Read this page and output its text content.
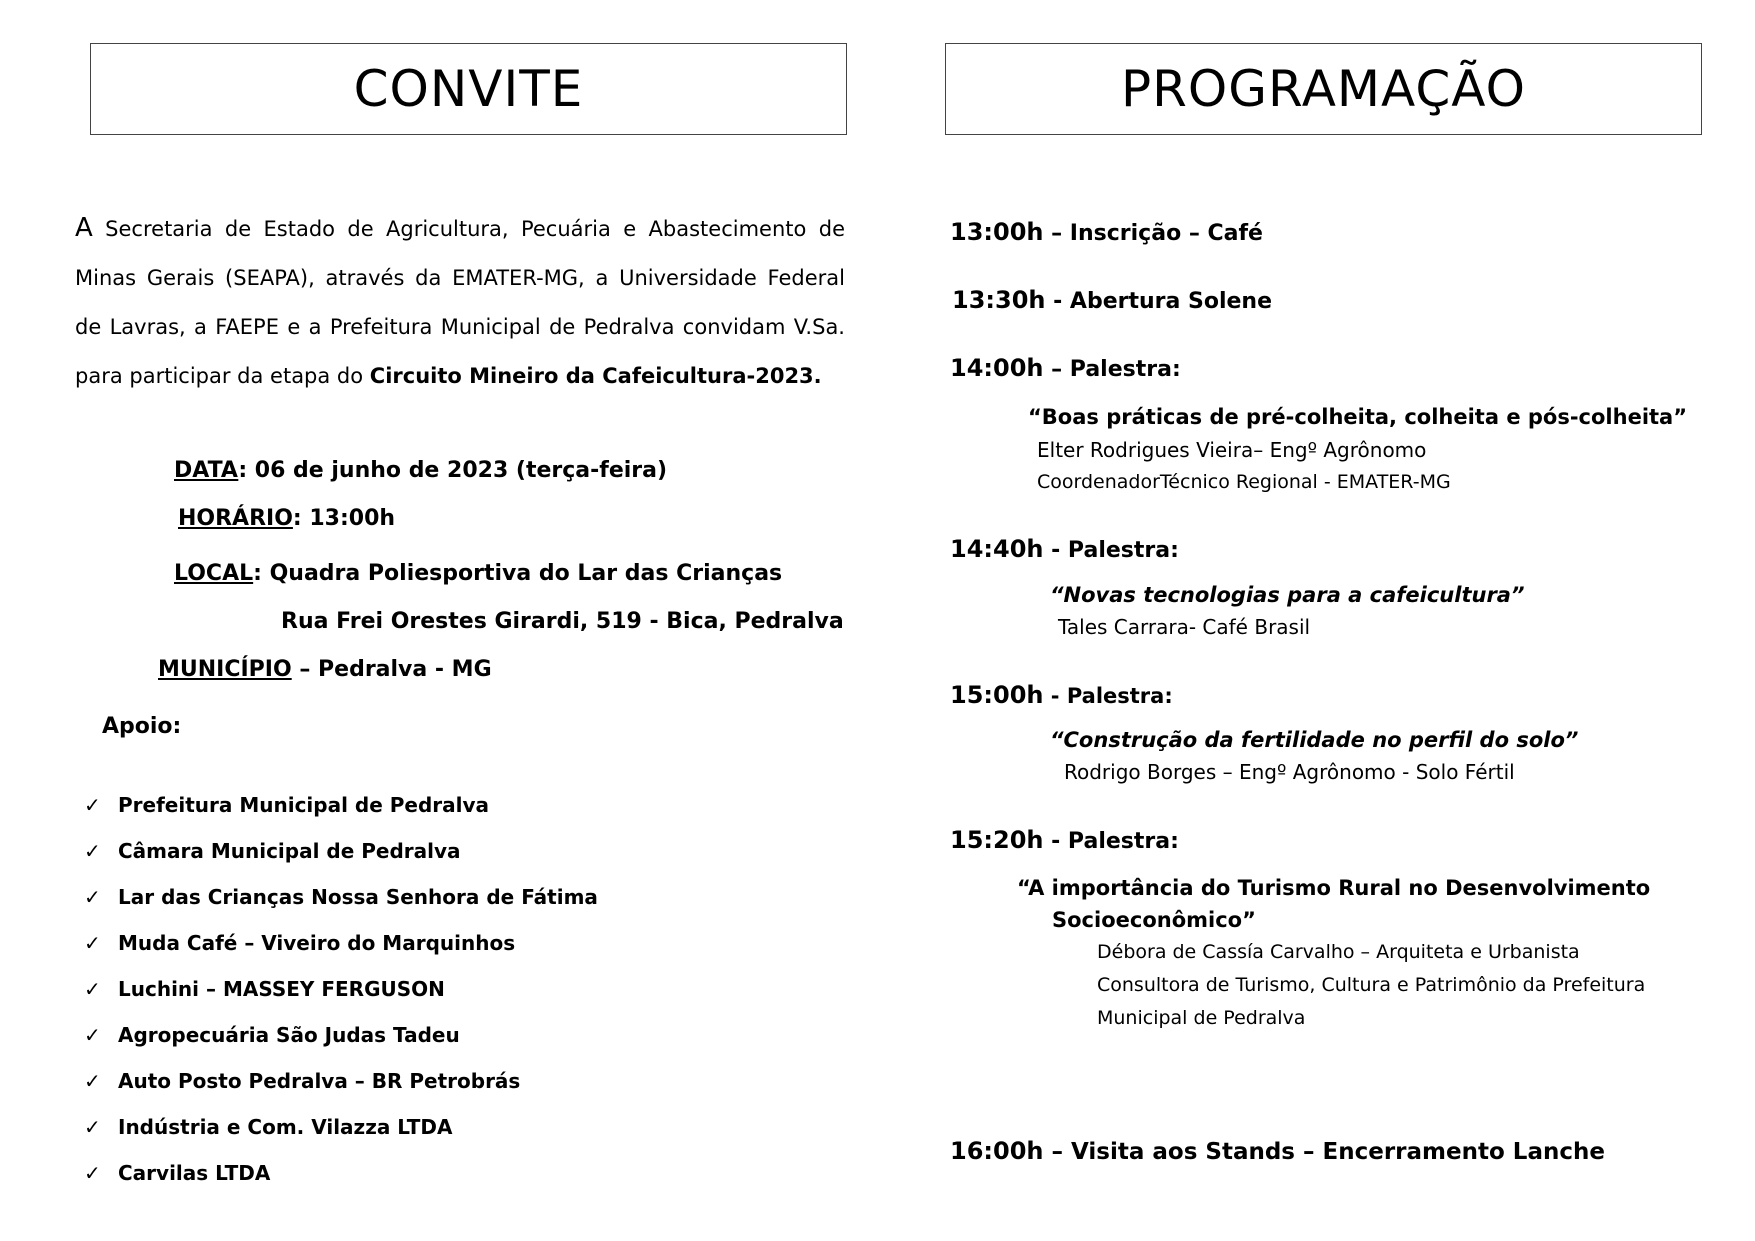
CONVITE
A Secretaria de Estado de Agricultura, Pecuária e Abastecimento de Minas Gerais (SEAPA), através da EMATER-MG, a Universidade Federal de Lavras, a FAEPE e a Prefeitura Municipal de Pedralva convidam V.Sa. para participar da etapa do Circuito Mineiro da Cafeicultura-2023.
DATA: 06 de junho de 2023 (terça-feira)
HORÁRIO: 13:00h
LOCAL: Quadra Poliesportiva do Lar das Crianças
Rua Frei Orestes Girardi, 519 - Bica, Pedralva
MUNICÍPIO – Pedralva - MG
Apoio:
✓ Prefeitura Municipal de Pedralva
✓ Câmara Municipal de Pedralva
✓ Lar das Crianças Nossa Senhora de Fátima
✓ Muda Café – Viveiro do Marquinhos
✓ Luchini – MASSEY FERGUSON
✓ Agropecuária São Judas Tadeu
✓ Auto Posto Pedralva – BR Petrobrás
✓ Indústria e Com. Vilazza LTDA
✓ Carvilas LTDA
PROGRAMAÇÃO
13:00h – Inscrição – Café
13:30h - Abertura Solene
14:00h – Palestra:
“Boas práticas de pré-colheita, colheita e pós-colheita”
Elter Rodrigues Vieira– Engº Agrônomo
CoordenadorTécnico Regional - EMATER-MG
14:40h - Palestra:
“Novas tecnologias para a cafeicultura”
Tales Carrara- Café Brasil
15:00h - Palestra:
“Construção da fertilidade no perfil do solo”
Rodrigo Borges – Engº Agrônomo - Solo Fértil
15:20h - Palestra:
“A importância do Turismo Rural no Desenvolvimento
Socioeconômico”
Débora de Cassía Carvalho – Arquiteta e Urbanista
Consultora de Turismo, Cultura e Patrimônio da Prefeitura
Municipal de Pedralva
16:00h – Visita aos Stands – Encerramento Lanche
